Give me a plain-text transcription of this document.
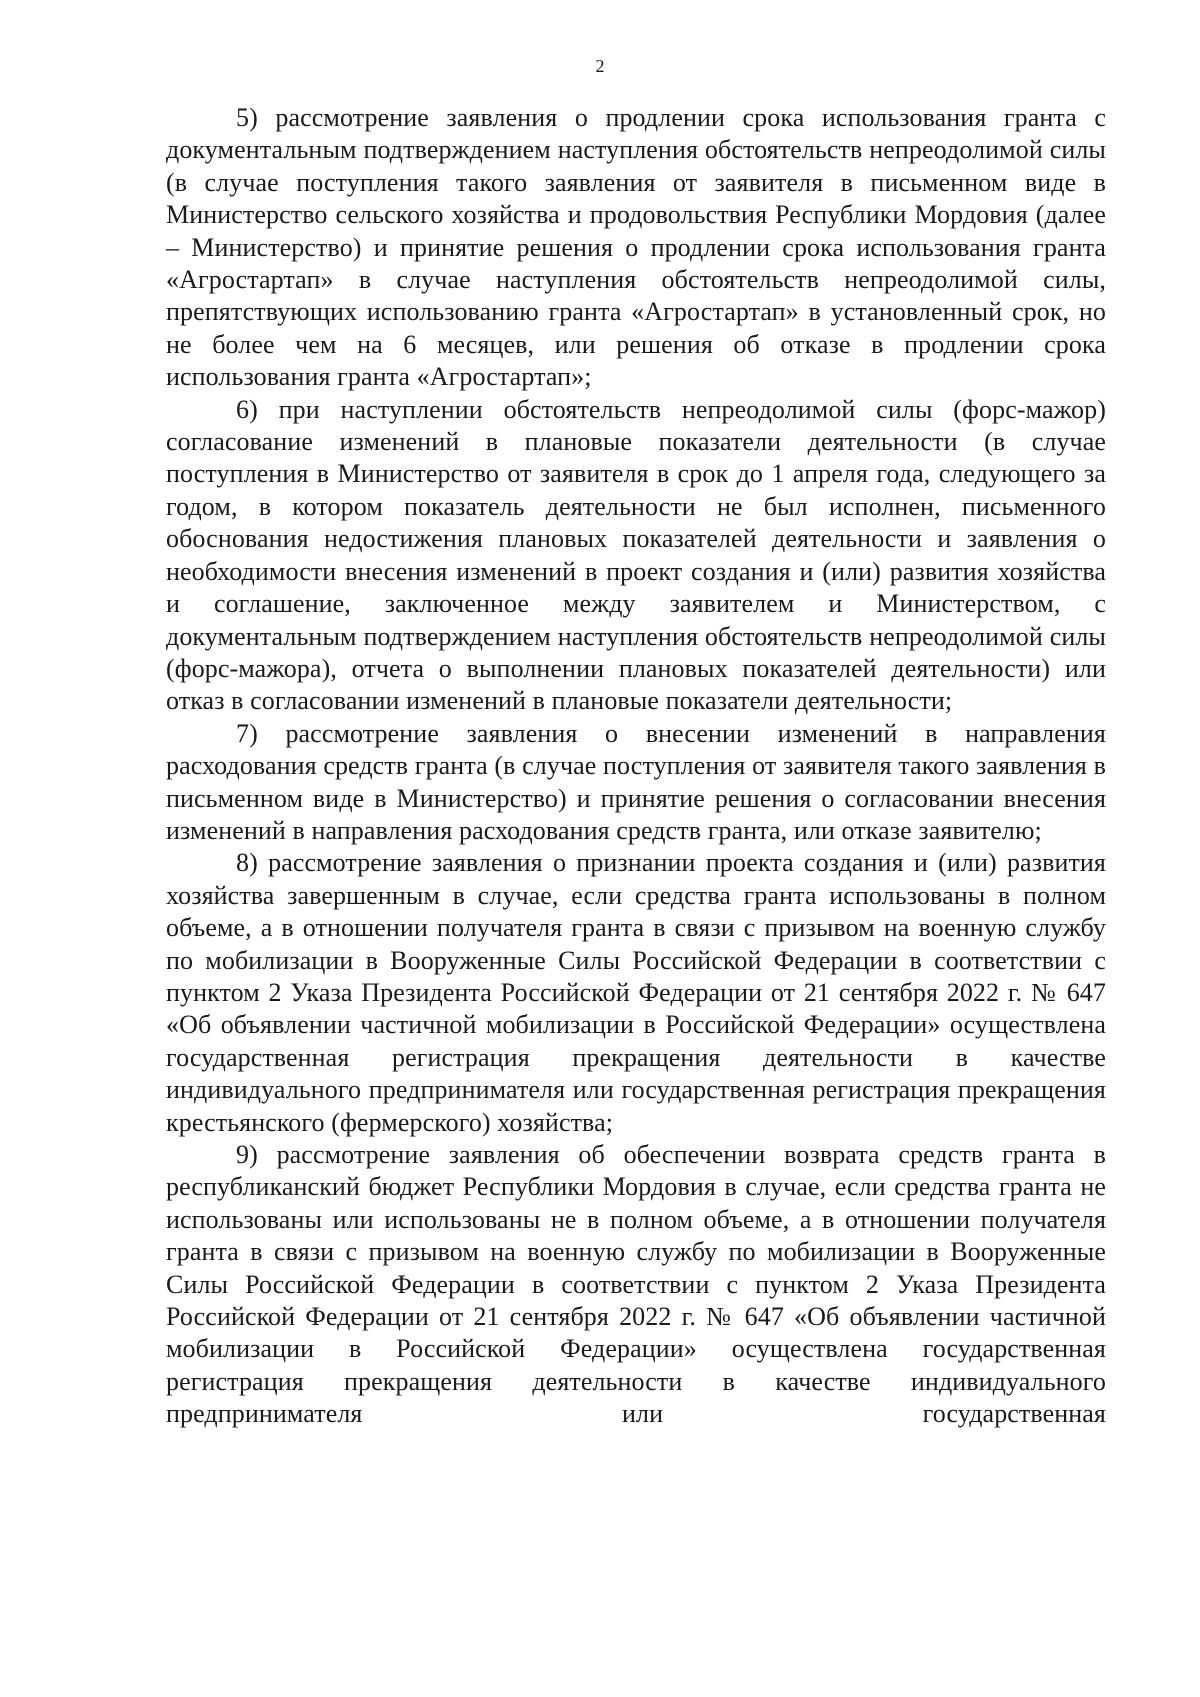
2

5) рассмотрение заявления о продлении срока использования гранта с документальным подтверждением наступления обстоятельств непреодолимой силы (в случае поступления такого заявления от заявителя в письменном виде в Министерство сельского хозяйства и продовольствия Республики Мордовия (далее – Министерство) и принятие решения о продлении срока использования гранта «Агростартап» в случае наступления обстоятельств непреодолимой силы, препятствующих использованию гранта «Агростартап» в установленный срок, но не более чем на 6 месяцев, или решения об отказе в продлении срока использования гранта «Агростартап»;

6) при наступлении обстоятельств непреодолимой силы (форс-мажор) согласование изменений в плановые показатели деятельности (в случае поступления в Министерство от заявителя в срок до 1 апреля года, следующего за годом, в котором показатель деятельности не был исполнен, письменного обоснования недостижения плановых показателей деятельности и заявления о необходимости внесения изменений в проект создания и (или) развития хозяйства и соглашение, заключенное между заявителем и Министерством, с документальным подтверждением наступления обстоятельств непреодолимой силы (форс-мажора), отчета о выполнении плановых показателей деятельности) или отказ в согласовании изменений в плановые показатели деятельности;

7) рассмотрение заявления о внесении изменений в направления расходования средств гранта (в случае поступления от заявителя такого заявления в письменном виде в Министерство) и принятие решения о согласовании внесения изменений в направления расходования средств гранта, или отказе заявителю;

8) рассмотрение заявления о признании проекта создания и (или) развития хозяйства завершенным в случае, если средства гранта использованы в полном объеме, а в отношении получателя гранта в связи с призывом на военную службу по мобилизации в Вооруженные Силы Российской Федерации в соответствии с пунктом 2 Указа Президента Российской Федерации от 21 сентября 2022 г. № 647 «Об объявлении частичной мобилизации в Российской Федерации» осуществлена государственная регистрация прекращения деятельности в качестве индивидуального предпринимателя или государственная регистрация прекращения крестьянского (фермерского) хозяйства;

9) рассмотрение заявления об обеспечении возврата средств гранта в республиканский бюджет Республики Мордовия в случае, если средства гранта не использованы или использованы не в полном объеме, а в отношении получателя гранта в связи с призывом на военную службу по мобилизации в Вооруженные Силы Российской Федерации в соответствии с пунктом 2 Указа Президента Российской Федерации от 21 сентября 2022 г. № 647 «Об объявлении частичной мобилизации в Российской Федерации» осуществлена государственная регистрация прекращения деятельности в качестве индивидуального предпринимателя или государственная
